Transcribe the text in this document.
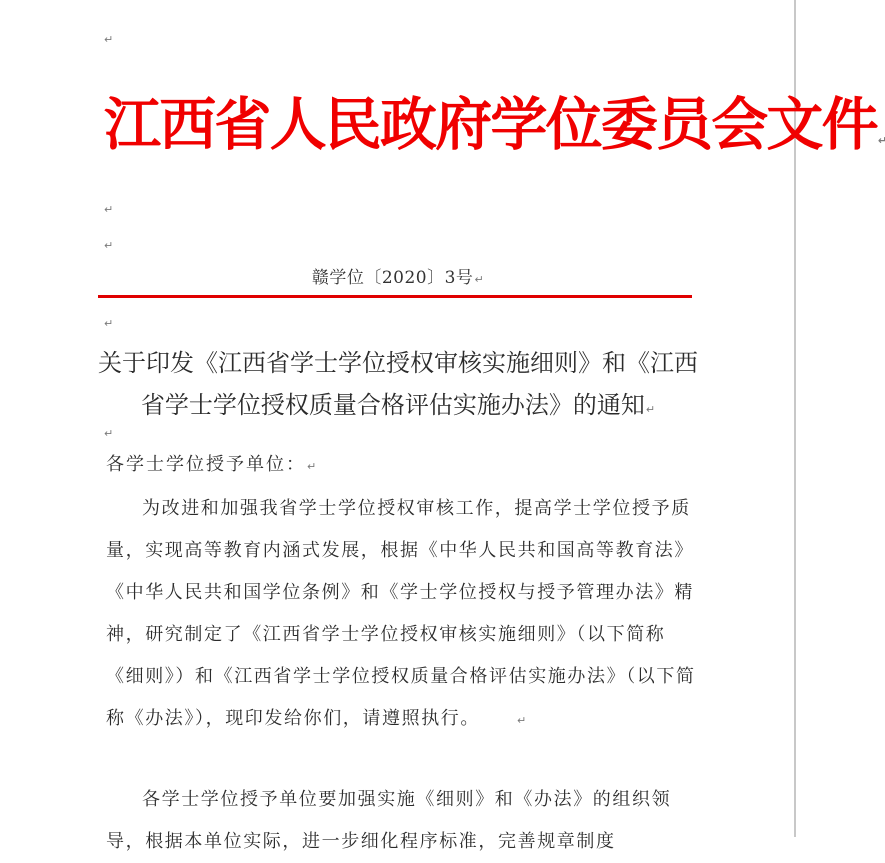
↵
江西省人民政府学位委员会文件↵
↵
↵
赣学位〔2020〕3号↵
↵
关于印发《江西省学士学位授权审核实施细则》和《江西省学士学位授权质量合格评估实施办法》的通知↵
↵
各学士学位授予单位：↵
为改进和加强我省学士学位授权审核工作，提高学士学位授予质量，实现高等教育内涵式发展，根据《中华人民共和国高等教育法》《中华人民共和国学位条例》和《学士学位授权与授予管理办法》精神，研究制定了《江西省学士学位授权审核实施细则》（以下简称《细则》）和《江西省学士学位授权质量合格评估实施办法》（以下简称《办法》），现印发给你们，请遵照执行。	↵
各学士学位授予单位要加强实施《细则》和《办法》的组织领导，根据本单位实际，进一步细化程序标准，完善规章制度
